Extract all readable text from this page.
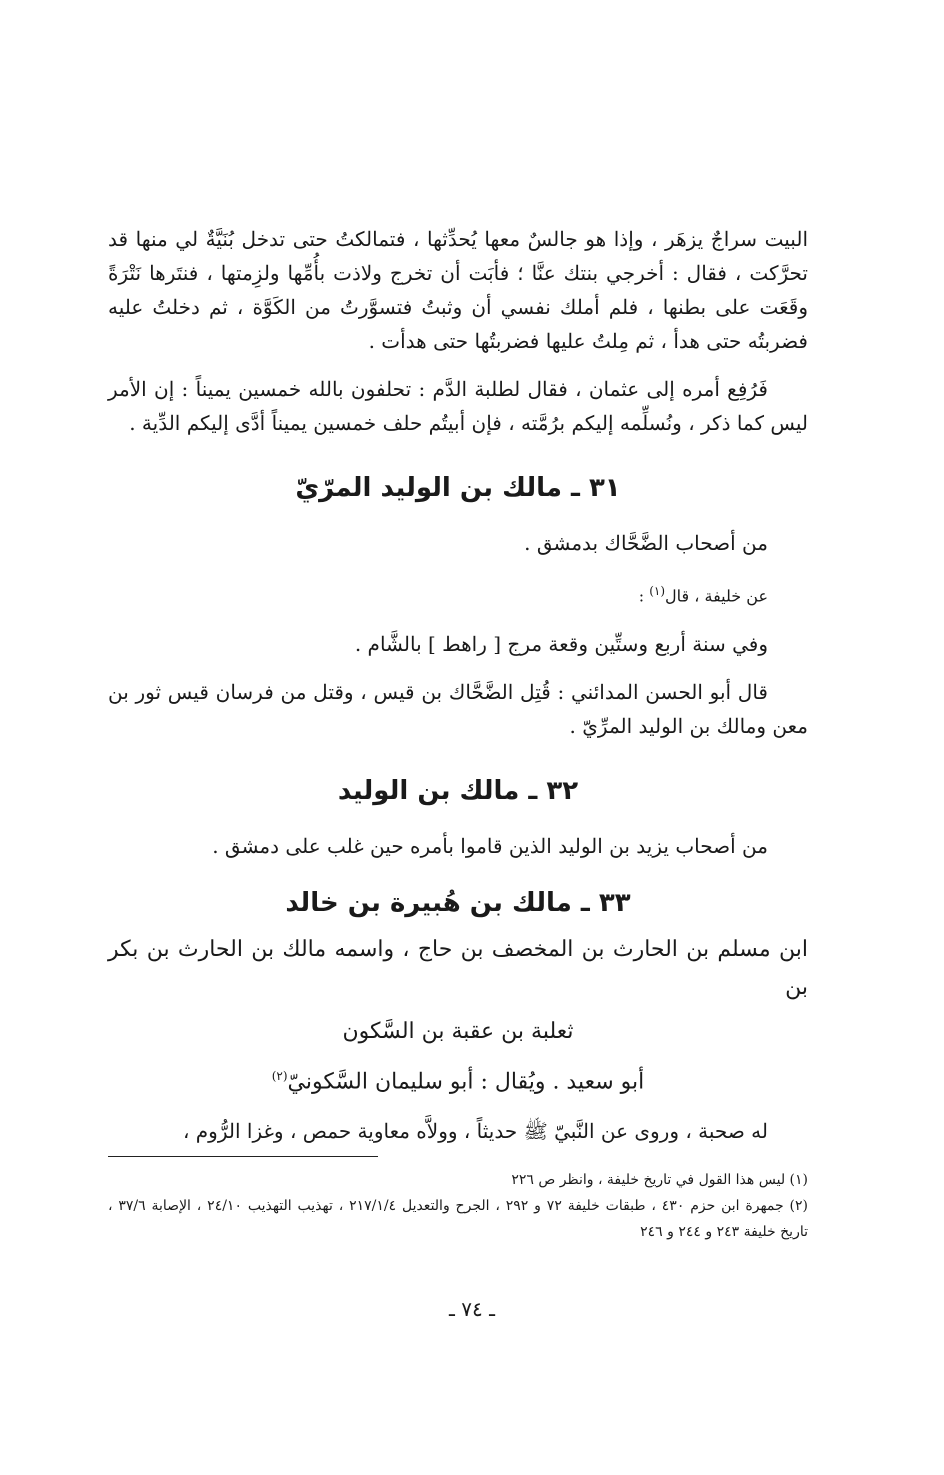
البيت سراجٌ يزهَر ، وإذا هو جالسٌ معها يُحدِّثها ، فتمالكتُ حتى تدخل بُنَيَّةٌ لي منها قد تحرَّكت ، فقال : أخرجي بنتك عنَّا ؛ فأبَت أن تخرج ولاذت بأُمِّها ولزِمتها ، فنتَرها نَتْرَةً وقَعَت على بطنها ، فلم أملك نفسي أن وثبتُ فتسوَّرتُ من الكَوَّة ، ثم دخلتُ عليه فضربتُه حتى هدأ ، ثم مِلتُ عليها فضربتُها حتى هدأت .

فَرُفِع أمره إلى عثمان ، فقال لطلبة الدَّم : تحلفون بالله خمسين يميناً : إن الأمر ليس كما ذكر ، ونُسلِّمه إليكم برُمَّته ، فإن أبيتُم حلف خمسين يميناً أدَّى إليكم الدِّية .

٣١ ـ مالك بن الوليد المرّيّ

من أصحاب الضَّحَّاك بدمشق .

عن خليفة ، قال$^{(١)}$ :

وفي سنة أربع وستِّين وقعة مرج [ راهط ] بالشَّام .

قال أبو الحسن المدائني : قُتِل الضَّحَّاك بن قيس ، وقتل من فرسان قيس ثور بن معن ومالك بن الوليد المرِّيّ .

٣٢ ـ مالك بن الوليد

من أصحاب يزيد بن الوليد الذين قاموا بأمره حين غلب على دمشق .

٣٣ ـ مالك بن هُبيرة بن خالد

ابن مسلم بن الحارث بن المخصف بن حاج ، واسمه مالك بن الحارث بن بكر بن

ثعلبة بن عقبة بن السَّكون

أبو سعيد . ويُقال : أبو سليمان السَّكونيّ$^{(٢)}$

له صحبة ، وروى عن النَّبيّ ﷺ حديثاً ، وولاَّه معاوية حمص ، وغزا الرُّوم ،

(١) ليس هذا القول في تاريخ خليفة ، وانظر ص ٢٢٦

(٢) جمهرة ابن حزم ٤٣٠ ، طبقات خليفة ٧٢ و ٢٩٢ ، الجرح والتعديل ٢١٧/١/٤ ، تهذيب التهذيب ٢٤/١٠ ، الإصابة ٣٧/٦ ، تاريخ خليفة ٢٤٣ و ٢٤٤ و ٢٤٦

ـ ٧٤ ـ
